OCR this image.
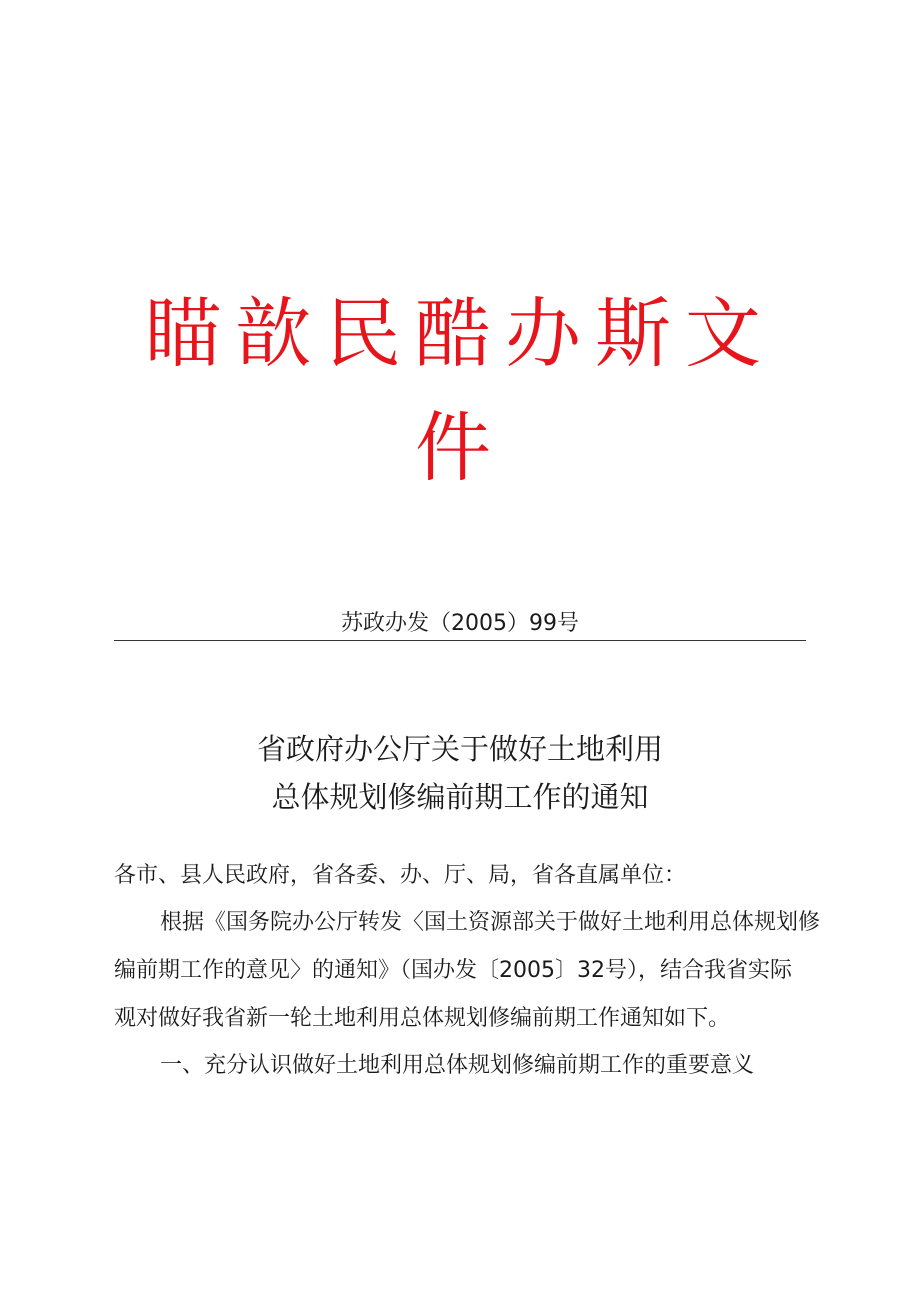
瞄歆民酷办斯文
件
苏政办发（2005）99号
省政府办公厅关于做好土地利用
总体规划修编前期工作的通知
各市、县人民政府，省各委、办、厅、局，省各直属单位：
根据《国务院办公厅转发〈国土资源部关于做好土地利用总体规划修
编前期工作的意见〉的通知》（国办发〔2005〕32号），结合我省实际
观对做好我省新一轮土地利用总体规划修编前期工作通知如下。
一、充分认识做好土地利用总体规划修编前期工作的重要意义
